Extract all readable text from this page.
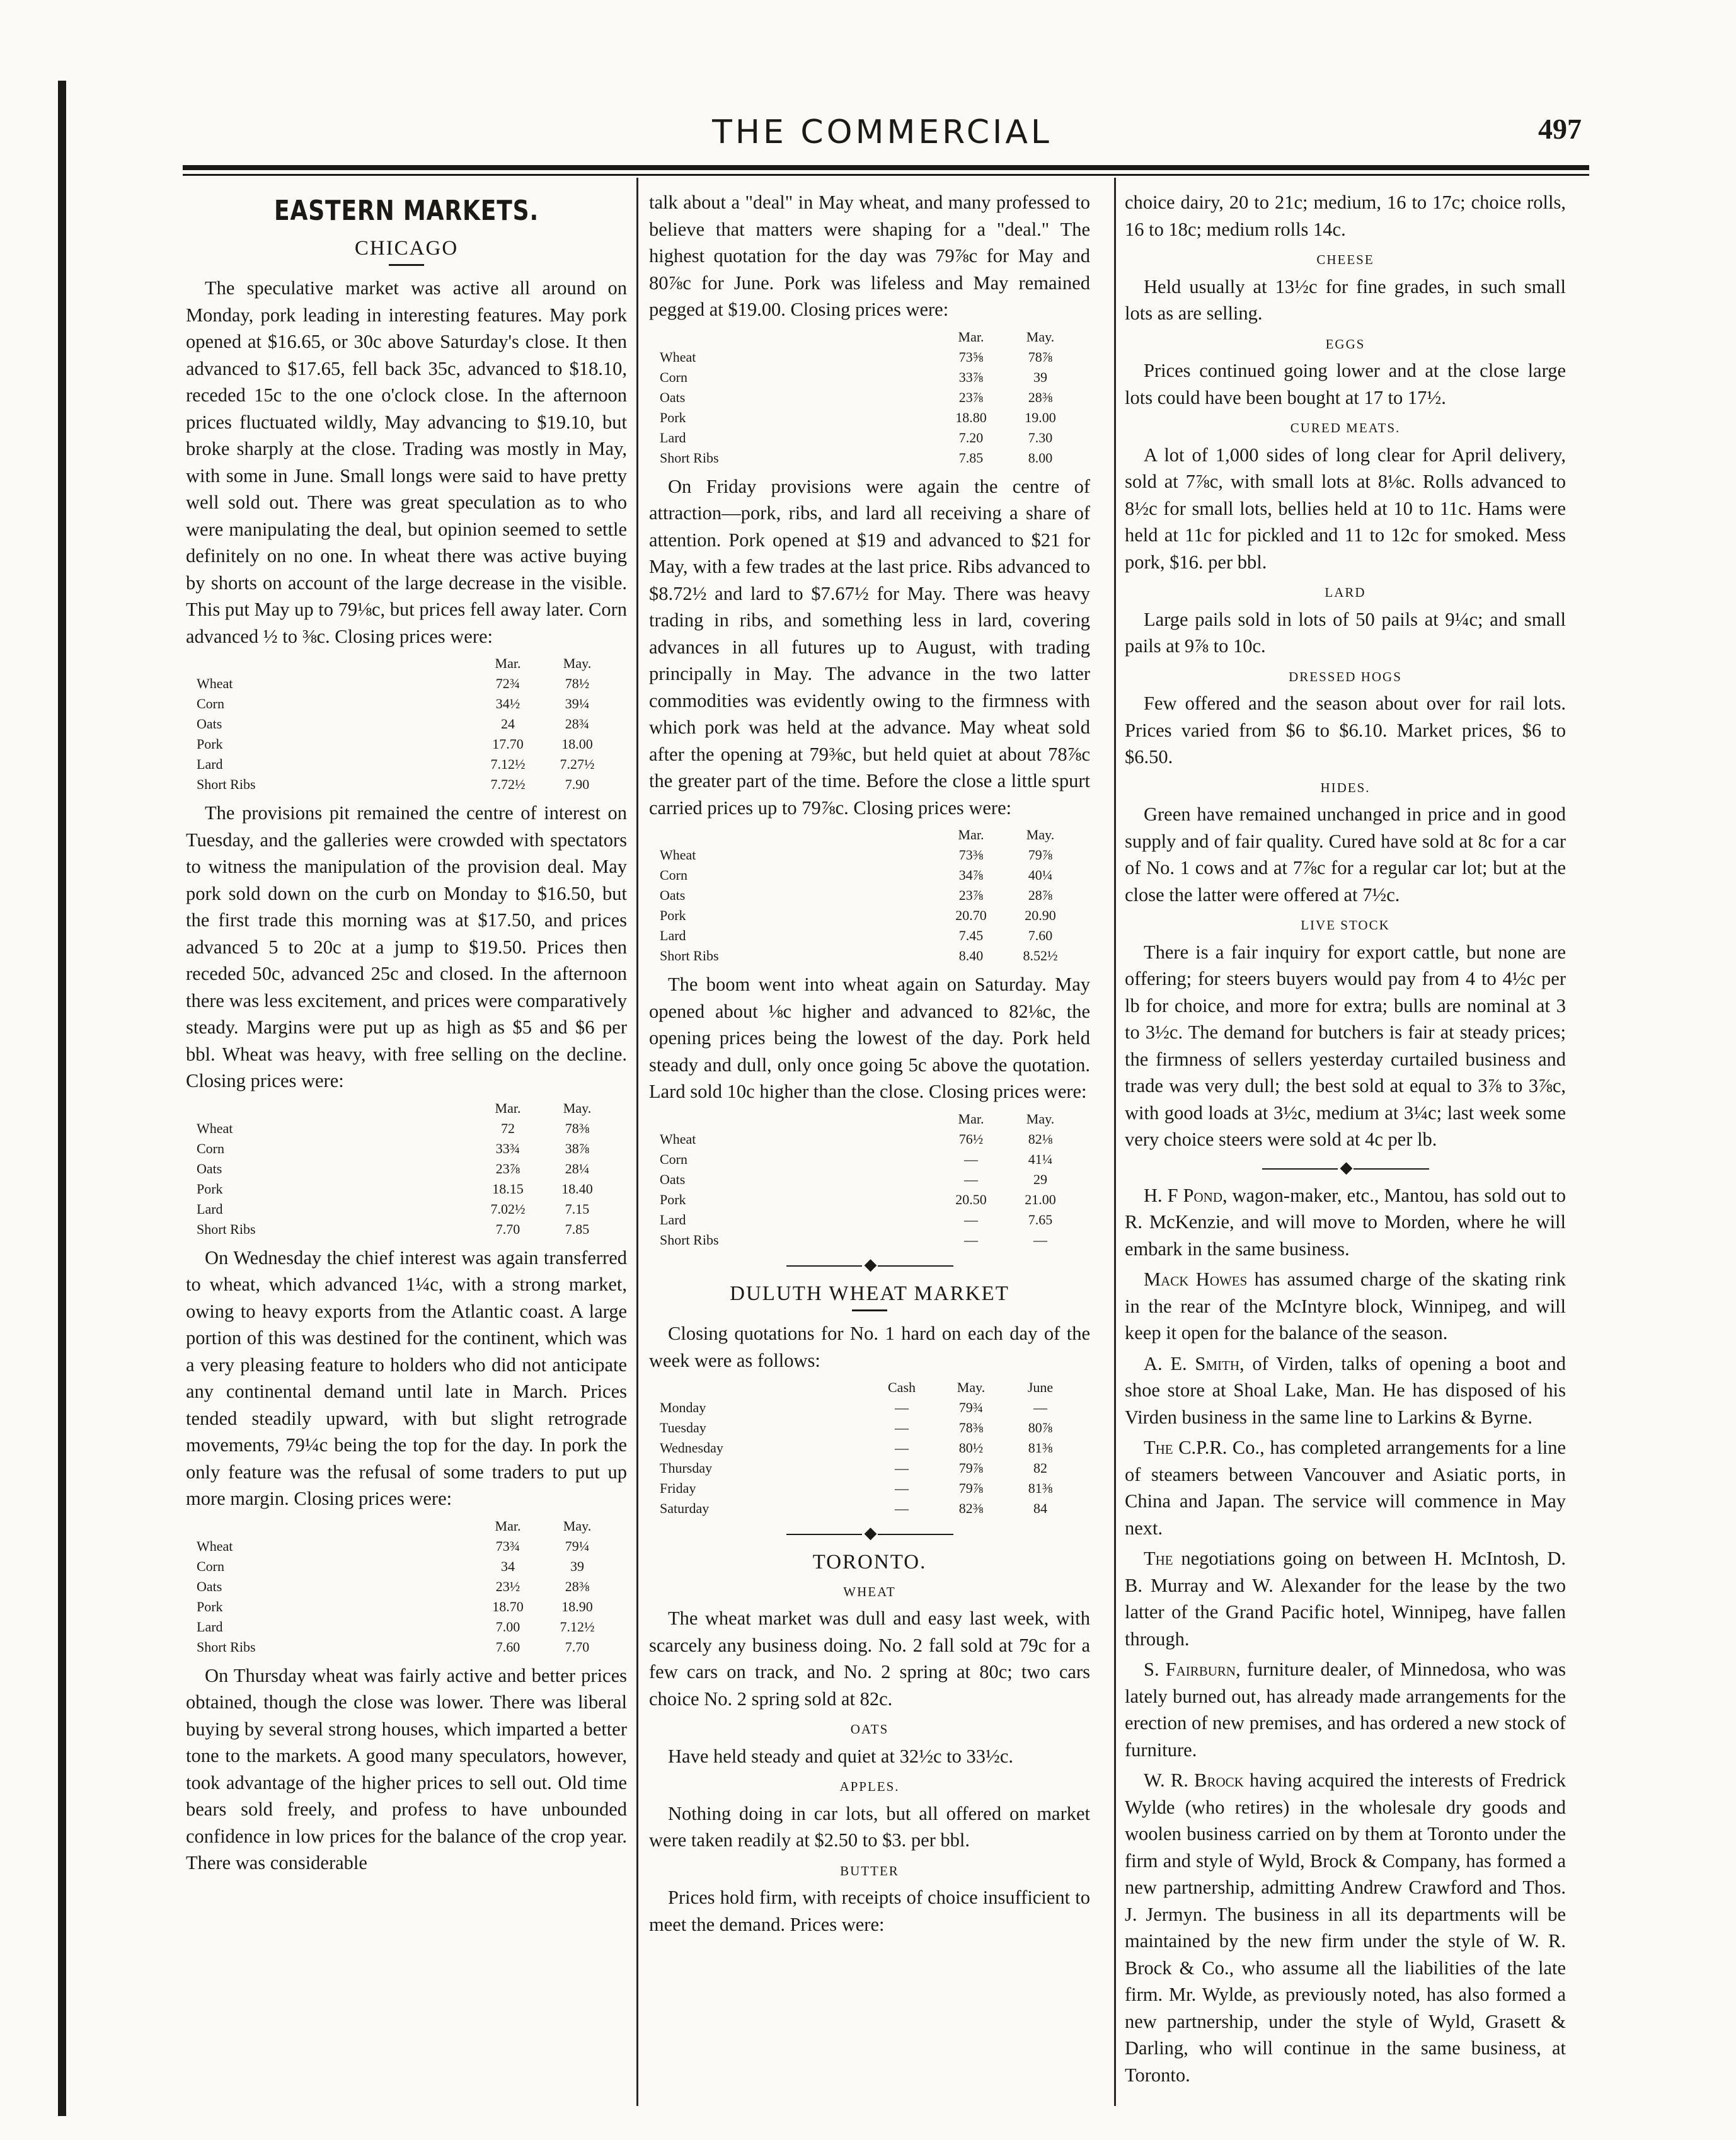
THE COMMERCIAL	497
EASTERN MARKETS.
CHICAGO

The speculative market was active all around on Monday, pork leading in interesting features. May pork opened at $16.65, or 30c above Saturday's close. It then advanced to $17.65, fell back 35c, advanced to $18.10, receded 15c to the one o'clock close. In the afternoon prices fluctuated wildly, May advancing to $19.10, but broke sharply at the close. Trading was mostly in May, with some in June. Small longs were said to have pretty well sold out. There was great speculation as to who were manipulating the deal, but opinion seemed to settle definitely on no one. In wheat there was active buying by shorts on account of the large decrease in the visible. This put May up to 79⅛c, but prices fell away later. Corn advanced ½ to ⅜c. Closing prices were:

	Mar.	May.
Wheat	72¾	78½
Corn	34½	39¼
Oats	24	28¾
Pork	17.70	18.00
Lard	7.12½	7.27½
Short Ribs	7.72½	7.90

The provisions pit remained the centre of interest on Tuesday, and the galleries were crowded with spectators to witness the manipulation of the provision deal. May pork sold down on the curb on Monday to $16.50, but the first trade this morning was at $17.50, and prices advanced 5 to 20c at a jump to $19.50. Prices then receded 50c, advanced 25c and closed. In the afternoon there was less excitement, and prices were comparatively steady. Margins were put up as high as $5 and $6 per bbl. Wheat was heavy, with free selling on the decline. Closing prices were:

	Mar.	May.
Wheat	72	78⅜
Corn	33¾	38⅞
Oats	23⅞	28¼
Pork	18.15	18.40
Lard	7.02½	7.15
Short Ribs	7.70	7.85

On Wednesday the chief interest was again transferred to wheat, which advanced 1¼c, with a strong market, owing to heavy exports from the Atlantic coast. A large portion of this was destined for the continent, which was a very pleasing feature to holders who did not anticipate any continental demand until late in March. Prices tended steadily upward, with but slight retrograde movements, 79¼c being the top for the day. In pork the only feature was the refusal of some traders to put up more margin. Closing prices were:

	Mar.	May.
Wheat	73¾	79¼
Corn	34	39
Oats	23½	28⅜
Pork	18.70	18.90
Lard	7.00	7.12½
Short Ribs	7.60	7.70

On Thursday wheat was fairly active and better prices obtained, though the close was lower. There was liberal buying by several strong houses, which imparted a better tone to the markets. A good many speculators, however, took advantage of the higher prices to sell out. Old time bears sold freely, and profess to have unbounded confidence in low prices for the balance of the crop year. There was considerable

talk about a "deal" in May wheat, and many professed to believe that matters were shaping for a "deal." The highest quotation for the day was 79⅞c for May and 80⅞c for June. Pork was lifeless and May remained pegged at $19.00. Closing prices were:

	Mar.	May.
Wheat	73⅝	78⅞
Corn	33⅞	39
Oats	23⅞	28⅜
Pork	18.80	19.00
Lard	7.20	7.30
Short Ribs	7.85	8.00

On Friday provisions were again the centre of attraction—pork, ribs, and lard all receiving a share of attention. Pork opened at $19 and advanced to $21 for May, with a few trades at the last price. Ribs advanced to $8.72½ and lard to $7.67½ for May. There was heavy trading in ribs, and something less in lard, covering advances in all futures up to August, with trading principally in May. The advance in the two latter commodities was evidently owing to the firmness with which pork was held at the advance. May wheat sold after the opening at 79⅜c, but held quiet at about 78⅞c the greater part of the time. Before the close a little spurt carried prices up to 79⅞c. Closing prices were:

	Mar.	May.
Wheat	73⅜	79⅞
Corn	34⅞	40¼
Oats	23⅞	28⅞
Pork	20.70	20.90
Lard	7.45	7.60
Short Ribs	8.40	8.52½

The boom went into wheat again on Saturday. May opened about ⅛c higher and advanced to 82⅛c, the opening prices being the lowest of the day. Pork held steady and dull, only once going 5c above the quotation. Lard sold 10c higher than the close. Closing prices were:

	Mar.	May.
Wheat	76½	82⅛
Corn	—	41¼
Oats	—	29
Pork	20.50	21.00
Lard	—	7.65
Short Ribs	—	—
◆
DULUTH WHEAT MARKET

Closing quotations for No. 1 hard on each day of the week were as follows:

	Cash	May.	June
Monday	—	79¾	—
Tuesday	—	78⅜	80⅞
Wednesday	—	80½	81⅜
Thursday	—	79⅞	82
Friday	—	79⅞	81⅜
Saturday	—	82⅜	84
◆
TORONTO.
WHEAT

The wheat market was dull and easy last week, with scarcely any business doing. No. 2 fall sold at 79c for a few cars on track, and No. 2 spring at 80c; two cars choice No. 2 spring sold at 82c.

OATS

Have held steady and quiet at 32½c to 33½c.

APPLES.

Nothing doing in car lots, but all offered on market were taken readily at $2.50 to $3. per bbl.

BUTTER

Prices hold firm, with receipts of choice insufficient to meet the demand. Prices were:

choice dairy, 20 to 21c; medium, 16 to 17c; choice rolls, 16 to 18c; medium rolls 14c.

CHEESE

Held usually at 13½c for fine grades, in such small lots as are selling.

EGGS

Prices continued going lower and at the close large lots could have been bought at 17 to 17½.

CURED MEATS.

A lot of 1,000 sides of long clear for April delivery, sold at 7⅞c, with small lots at 8⅛c. Rolls advanced to 8½c for small lots, bellies held at 10 to 11c. Hams were held at 11c for pickled and 11 to 12c for smoked. Mess pork, $16. per bbl.

LARD

Large pails sold in lots of 50 pails at 9¼c; and small pails at 9⅞ to 10c.

DRESSED HOGS

Few offered and the season about over for rail lots. Prices varied from $6 to $6.10. Market prices, $6 to $6.50.

HIDES.

Green have remained unchanged in price and in good supply and of fair quality. Cured have sold at 8c for a car of No. 1 cows and at 7⅞c for a regular car lot; but at the close the latter were offered at 7½c.

LIVE STOCK

There is a fair inquiry for export cattle, but none are offering; for steers buyers would pay from 4 to 4½c per lb for choice, and more for extra; bulls are nominal at 3 to 3½c. The demand for butchers is fair at steady prices; the firmness of sellers yesterday curtailed business and trade was very dull; the best sold at equal to 3⅞ to 3⅞c, with good loads at 3½c, medium at 3¼c; last week some very choice steers were sold at 4c per lb.

◆

H. F Pond, wagon-maker, etc., Mantou, has sold out to R. McKenzie, and will move to Morden, where he will embark in the same business.

Mack Howes has assumed charge of the skating rink in the rear of the McIntyre block, Winnipeg, and will keep it open for the balance of the season.

A. E. Smith, of Virden, talks of opening a boot and shoe store at Shoal Lake, Man. He has disposed of his Virden business in the same line to Larkins & Byrne.

The C.P.R. Co., has completed arrangements for a line of steamers between Vancouver and Asiatic ports, in China and Japan. The service will commence in May next.

The negotiations going on between H. McIntosh, D. B. Murray and W. Alexander for the lease by the two latter of the Grand Pacific hotel, Winnipeg, have fallen through.

S. Fairburn, furniture dealer, of Minnedosa, who was lately burned out, has already made arrangements for the erection of new premises, and has ordered a new stock of furniture.

W. R. Brock having acquired the interests of Fredrick Wylde (who retires) in the wholesale dry goods and woolen business carried on by them at Toronto under the firm and style of Wyld, Brock & Company, has formed a new partnership, admitting Andrew Crawford and Thos. J. Jermyn. The business in all its departments will be maintained by the new firm under the style of W. R. Brock & Co., who assume all the liabilities of the late firm. Mr. Wylde, as previously noted, has also formed a new partnership, under the style of Wyld, Grasett & Darling, who will continue in the same business, at Toronto.
